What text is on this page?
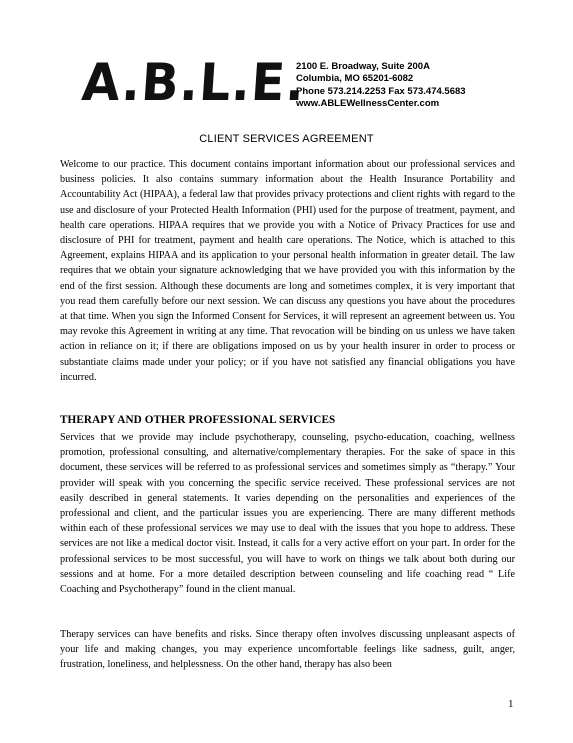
A.B.L.E.
2100 E. Broadway, Suite 200A
Columbia, MO 65201-6082
Phone 573.214.2253 Fax 573.474.5683
www.ABLEWellnessCenter.com
CLIENT SERVICES AGREEMENT
Welcome to our practice. This document contains important information about our professional services and business policies. It also contains summary information about the Health Insurance Portability and Accountability Act (HIPAA), a federal law that provides privacy protections and client rights with regard to the use and disclosure of your Protected Health Information (PHI) used for the purpose of treatment, payment, and health care operations. HIPAA requires that we provide you with a Notice of Privacy Practices for use and disclosure of PHI for treatment, payment and health care operations. The Notice, which is attached to this Agreement, explains HIPAA and its application to your personal health information in greater detail. The law requires that we obtain your signature acknowledging that we have provided you with this information by the end of the first session. Although these documents are long and sometimes complex, it is very important that you read them carefully before our next session. We can discuss any questions you have about the procedures at that time. When you sign the Informed Consent for Services, it will represent an agreement between us. You may revoke this Agreement in writing at any time. That revocation will be binding on us unless we have taken action in reliance on it; if there are obligations imposed on us by your health insurer in order to process or substantiate claims made under your policy; or if you have not satisfied any financial obligations you have incurred.
THERAPY AND OTHER PROFESSIONAL SERVICES
Services that we provide may include psychotherapy, counseling, psycho-education, coaching, wellness promotion, professional consulting, and alternative/complementary therapies. For the sake of space in this document, these services will be referred to as professional services and sometimes simply as “therapy.” Your provider will speak with you concerning the specific service received. These professional services are not easily described in general statements. It varies depending on the personalities and experiences of the professional and client, and the particular issues you are experiencing. There are many different methods within each of these professional services we may use to deal with the issues that you hope to address. These services are not like a medical doctor visit. Instead, it calls for a very active effort on your part. In order for the professional services to be most successful, you will have to work on things we talk about both during our sessions and at home. For a more detailed description between counseling and life coaching read “ Life Coaching and Psychotherapy” found in the client manual.
Therapy services can have benefits and risks. Since therapy often involves discussing unpleasant aspects of your life and making changes, you may experience uncomfortable feelings like sadness, guilt, anger, frustration, loneliness, and helplessness. On the other hand, therapy has also been
1
